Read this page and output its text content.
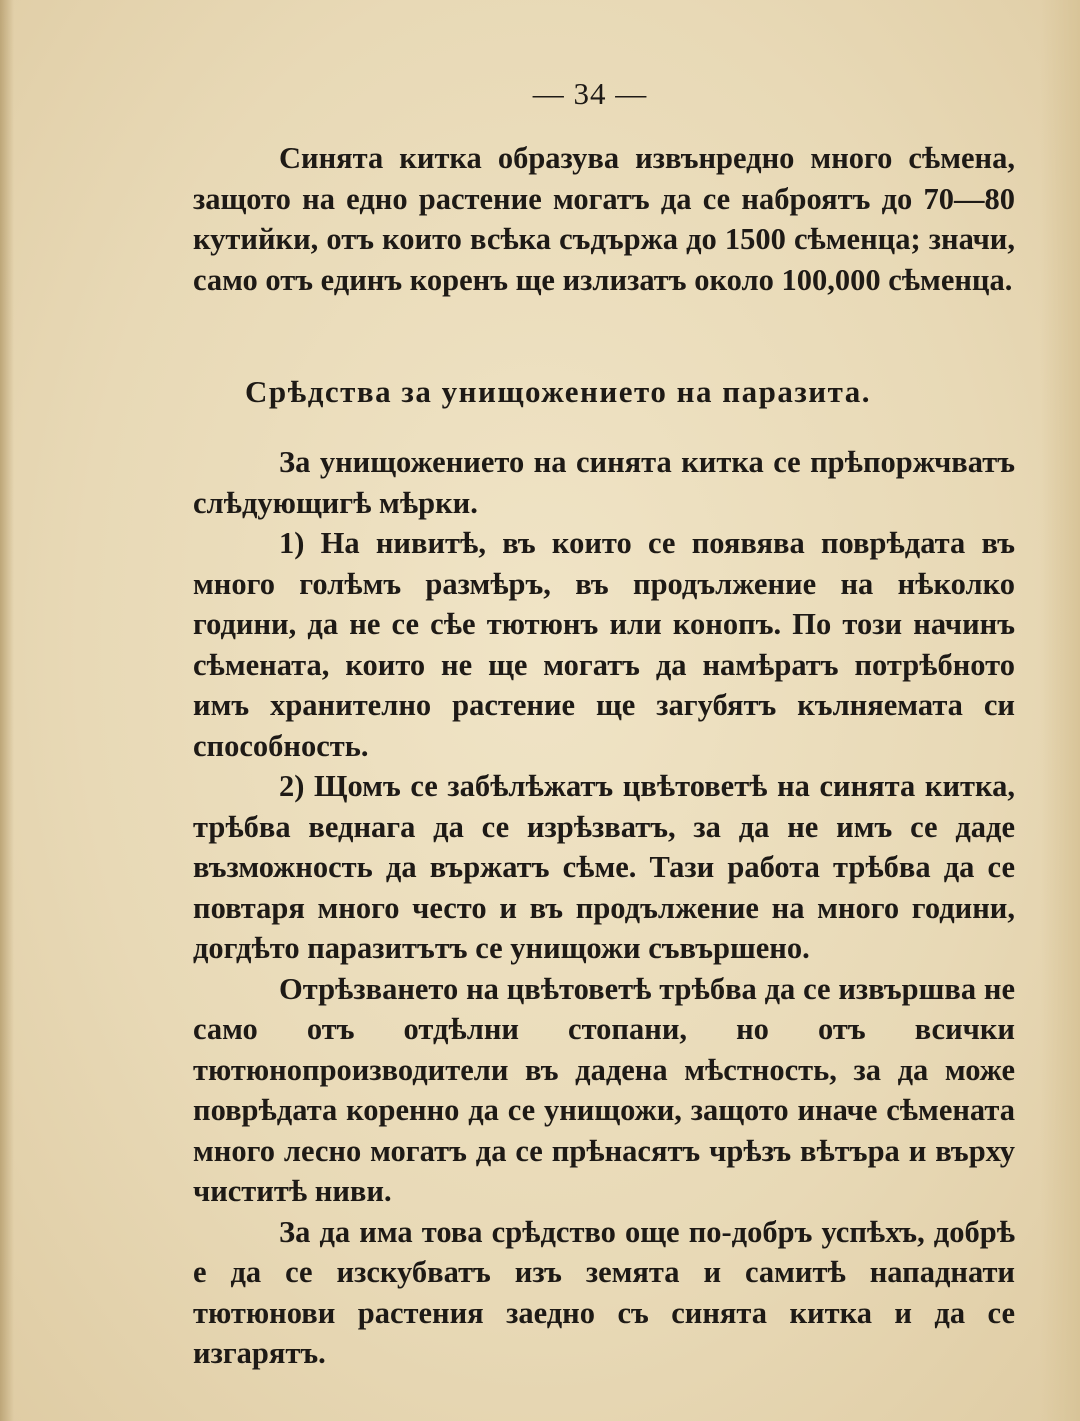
— 34 —

Синята китка образува извънредно много сѣмена, защото на едно растение могатъ да се наброятъ до 70—80 кутийки, отъ които всѣка съдържа до 1500 сѣменца; значи, само отъ единъ коренъ ще излизатъ около 100,000 сѣменца.

Срѣдства за унищожението на паразита.

За унищожението на синята китка се прѣпоржчватъ слѣдующигѣ мѣрки.

1) На нивитѣ, въ които се появява поврѣдата въ много голѣмъ размѣръ, въ продължение на нѣколко години, да не се сѣе тютюнъ или конопъ. По този начинъ сѣмената, които не ще могатъ да намѣратъ потрѣбното имъ хранително растение ще загубятъ кълняемата си способность.

2) Щомъ се забѣлѣжатъ цвѣтоветѣ на синята китка, трѣбва веднага да се изрѣзватъ, за да не имъ се даде възможность да вържатъ сѣме. Тази работа трѣбва да се повтаря много често и въ продължение на много години, догдѣто паразитътъ се унищожи съвършено.

Отрѣзването на цвѣтоветѣ трѣбва да се извършва не само отъ отдѣлни стопани, но отъ всички тютюнопроизводители въ дадена мѣстность, за да може поврѣдата коренно да се унищожи, защото иначе сѣмената много лесно могатъ да се прѣнасятъ чрѣзъ вѣтъра и върху чиститѣ ниви.

За да има това срѣдство още по-добръ успѣхъ, добрѣ е да се изскубватъ изъ земята и самитѣ нападнати тютюнови растения заедно съ синята китка и да се изгарятъ.
